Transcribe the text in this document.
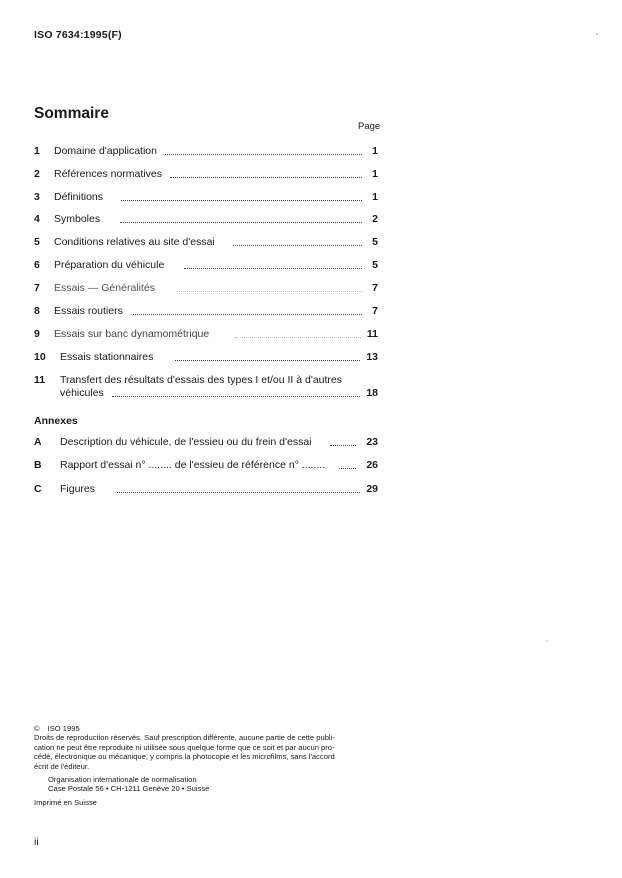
ISO 7634:1995(F)
Sommaire
Page
1	Domaine d'application	1
2	Références normatives	1
3	Définitions	1
4	Symboles	2
5	Conditions relatives au site d'essai	5
6	Préparation du véhicule	5
7	Essais — Généralités	7
8	Essais routiers	7
9	Essais sur banc dynamométrique	11
10	Essais stationnaires	13
11	Transfert des résultats d'essais des types I et/ou II à d'autres
véhicules	18
Annexes
A	Description du véhicule, de l'essieu ou du frein d'essai	23
B	Rapport d'essai n° ........ de l'essieu de référence n° ........	26
C	Figures	29
© ISO 1995
Droits de reproduction réservés. Sauf prescription différente, aucune partie de cette publi-
cation ne peut être reproduite ni utilisée sous quelque forme que ce soit et par aucun pro-
cédé, électronique ou mécanique, y compris la photocopie et les microfilms, sans l'accord
écrit de l'éditeur.
Organisation internationale de normalisation
Case Postale 56 • CH-1211 Genève 20 • Suisse
Imprimé en Suisse
ii
